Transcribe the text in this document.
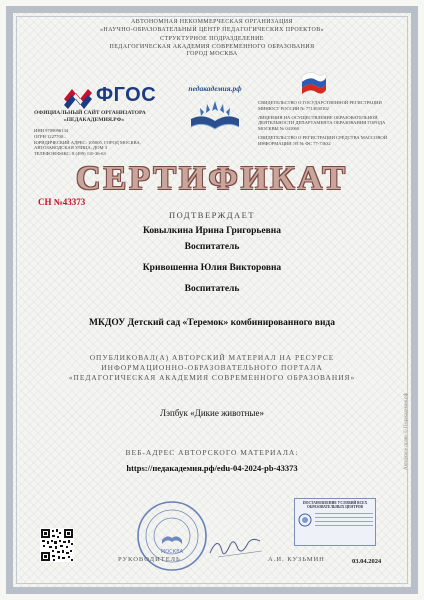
АВТОНОМНАЯ НЕКОММЕРЧЕСКАЯ ОРГАНИЗАЦИЯ
«НАУЧНО-ОБРАЗОВАТЕЛЬНЫЙ ЦЕНТР ПЕДАГОГИЧЕСКИХ ПРОЕКТОВ»
СТРУКТУРНОЕ ПОДРАЗДЕЛЕНИЕ
ПЕДАГОГИЧЕСКАЯ АКАДЕМИЯ СОВРЕМЕННОГО ОБРАЗОВАНИЯ
ГОРОД МОСКВА
ФГОС
ОФИЦИАЛЬНЫЙ САЙТ ОРГАНИЗАТОРА
«ПЕДАКАДЕМИЯ.РФ»
ИНН 9709096134
ОГРН 1227700...
ЮРИДИЧЕСКИЙ АДРЕС: 105005, ГОРОД МОСКВА,
АВТОЗАВОДСКАЯ УЛИЦА, ДОМ 3
ТЕЛЕФОН/ФАКС: 8 (499) 110-36-63
педакадемия.рф
СВИДЕТЕЛЬСТВО О ГОСУДАРСТВЕННОЙ РЕГИСТРАЦИИ МИНЮСТ РОССИИ № 7714030102
ЛИЦЕНЗИЯ НА ОСУЩЕСТВЛЕНИЕ ОБРАЗОВАТЕЛЬНОЙ ДЕЯТЕЛЬНОСТИ ДЕПАРТАМЕНТА ОБРАЗОВАНИЯ ГОРОДА МОСКВЫ № 041060
СВИДЕТЕЛЬСТВО О РЕГИСТРАЦИИ СРЕДСТВА МАССОВОЙ ИНФОРМАЦИИ ЭЛ № ФС 77-73632
СЕРТИФИКАТ
СН №43373
ПОДТВЕРЖДАЕТ
Ковылкина Ирина Григорьевна
Воспитатель
Кривошенна Юлия Викторовна
Воспитатель
МКДОУ Детский сад «Теремок» комбинированного вида
ОПУБЛИКОВАЛ(А) АВТОРСКИЙ МАТЕРИАЛ НА РЕСУРСЕ
ИНФОРМАЦИОННО-ОБРАЗОВАТЕЛЬНОГО ПОРТАЛА
«ПЕДАГОГИЧЕСКАЯ АКАДЕМИЯ СОВРЕМЕННОГО ОБРАЗОВАНИЯ»
Лэпбук «Дикие животные»
ВЕБ-АДРЕС АВТОРСКОГО МАТЕРИАЛА:
https://педакадемия.рф/edu-04-2024-pb-43373
МОСКВА
РУКОВОДИТЕЛЬ	А.И. КУЗЬМИН	03.04.2024
ПОСТАНОВЛЕНИЕ УСЛОВИЙ ВСЕХ ОБРАЗОВАТЕЛЬНЫХ ЦЕНТРОВ
Авторское право © Педакадемия.рф
